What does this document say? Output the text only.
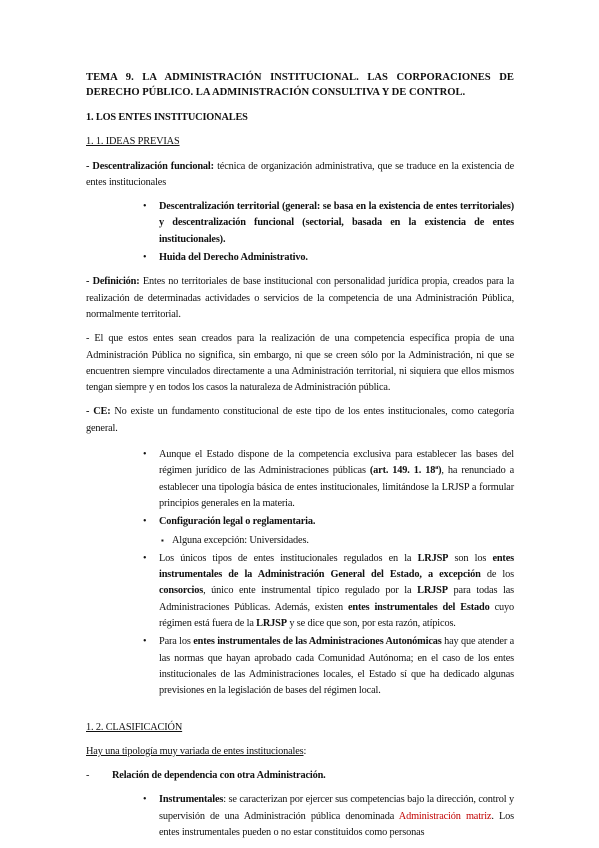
TEMA 9. LA ADMINISTRACIÓN INSTITUCIONAL. LAS CORPORACIONES DE DERECHO PÚBLICO. LA ADMINISTRACIÓN CONSULTIVA Y DE CONTROL.
1. LOS ENTES INSTITUCIONALES
1. 1. IDEAS PREVIAS

- Descentralización funcional: técnica de organización administrativa, que se traduce en la existencia de entes institucionales

• Descentralización territorial (general: se basa en la existencia de entes territoriales) y descentralización funcional (sectorial, basada en la existencia de entes institucionales).
• Huida del Derecho Administrativo.

- Definición: Entes no territoriales de base institucional con personalidad jurídica propia, creados para la realización de determinadas actividades o servicios de la competencia de una Administración Pública, normalmente territorial.

- El que estos entes sean creados para la realización de una competencia específica propia de una Administración Pública no significa, sin embargo, ni que se creen sólo por la Administración, ni que se encuentren siempre vinculados directamente a una Administración territorial, ni siquiera que ellos mismos tengan siempre y en todos los casos la naturaleza de Administración pública.

- CE: No existe un fundamento constitucional de este tipo de los entes institucionales, como categoría general.

• Aunque el Estado dispone de la competencia exclusiva para establecer las bases del régimen jurídico de las Administraciones públicas (art. 149. 1. 18ª), ha renunciado a establecer una tipología básica de entes institucionales, limitándose la LRJSP a formular principios generales en la materia.
• Configuración legal o reglamentaria.
▪ Alguna excepción: Universidades.
• Los únicos tipos de entes institucionales regulados en la LRJSP son los entes instrumentales de la Administración General del Estado, a excepción de los consorcios, único ente instrumental típico regulado por la LRJSP para todas las Administraciones Públicas. Además, existen entes instrumentales del Estado cuyo régimen está fuera de la LRJSP y se dice que son, por esta razón, atípicos.
• Para los entes instrumentales de las Administraciones Autonómicas hay que atender a las normas que hayan aprobado cada Comunidad Autónoma; en el caso de los entes institucionales de las Administraciones locales, el Estado sí que ha dedicado algunas previsiones en la legislación de bases del régimen local.
1. 2. CLASIFICACIÓN

Hay una tipología muy variada de entes institucionales:

- Relación de dependencia con otra Administración.
• Instrumentales: se caracterizan por ejercer sus competencias bajo la dirección, control y supervisión de una Administración pública denominada Administración matriz. Los entes instrumentales pueden o no estar constituidos como personas
